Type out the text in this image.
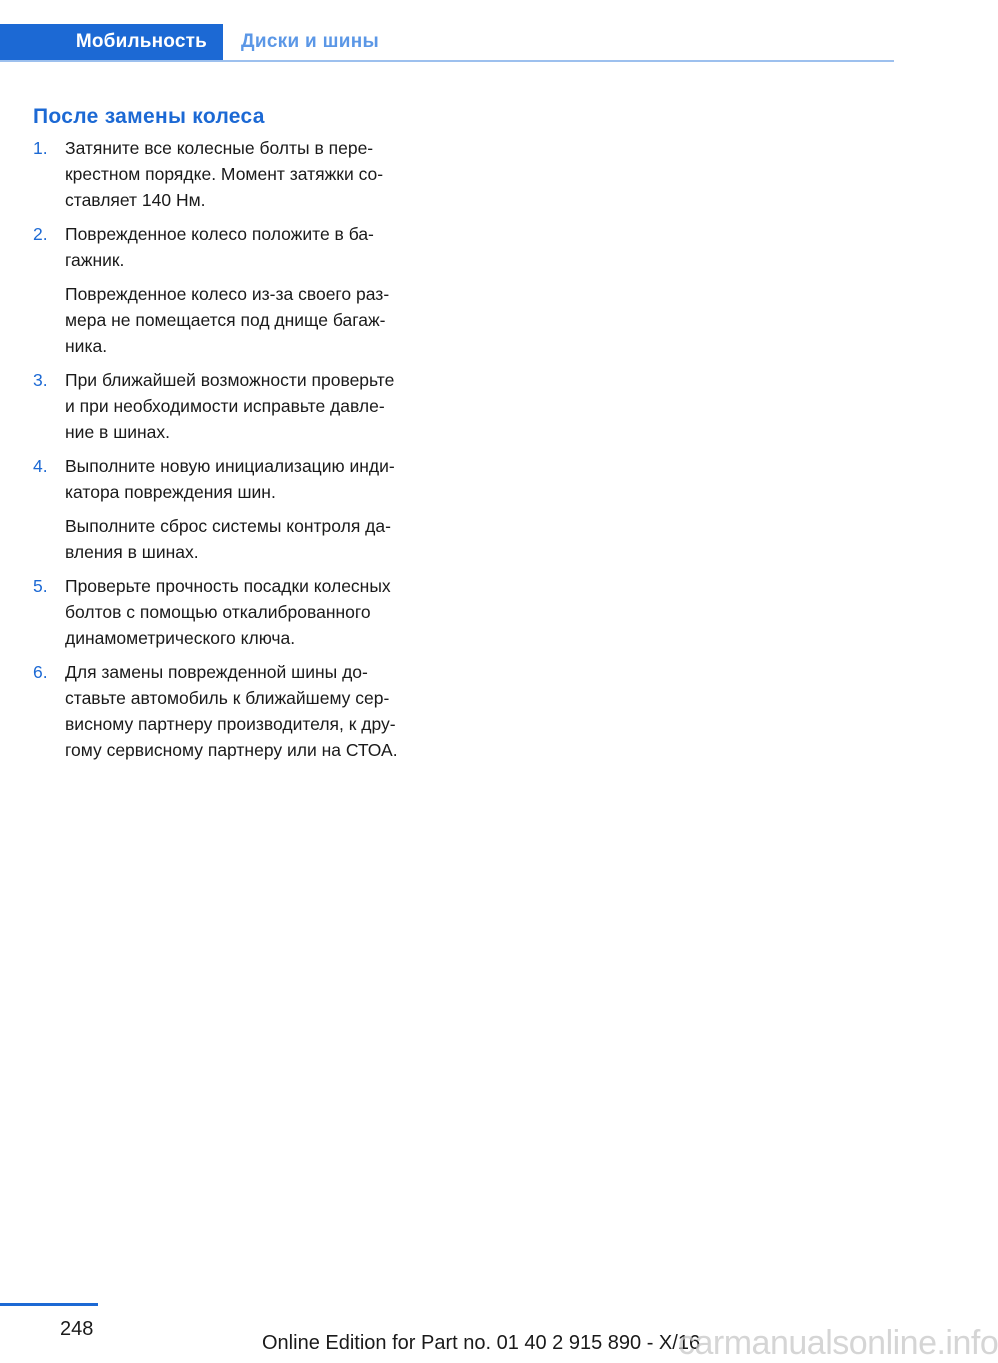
Мобильность Диски и шины
После замены колеса
1. Затяните все колесные болты в пере-
крестном порядке. Момент затяжки со-
ставляет 140 Нм.

2. Поврежденное колесо положите в ба-
гажник.

Поврежденное колесо из-за своего раз-
мера не помещается под днище багаж-
ника.

3. При ближайшей возможности проверьте
и при необходимости исправьте давле-
ние в шинах.

4. Выполните новую инициализацию инди-
катора повреждения шин.

Выполните сброс системы контроля да-
вления в шинах.

5. Проверьте прочность посадки колесных
болтов с помощью откалиброванного
динамометрического ключа.

6. Для замены поврежденной шины до-
ставьте автомобиль к ближайшему сер-
висному партнеру производителя, к дру-
гому сервисному партнеру или на СТОА.

248
Online Edition for Part no. 01 40 2 915 890 - X/16
carmanualsonline.info
